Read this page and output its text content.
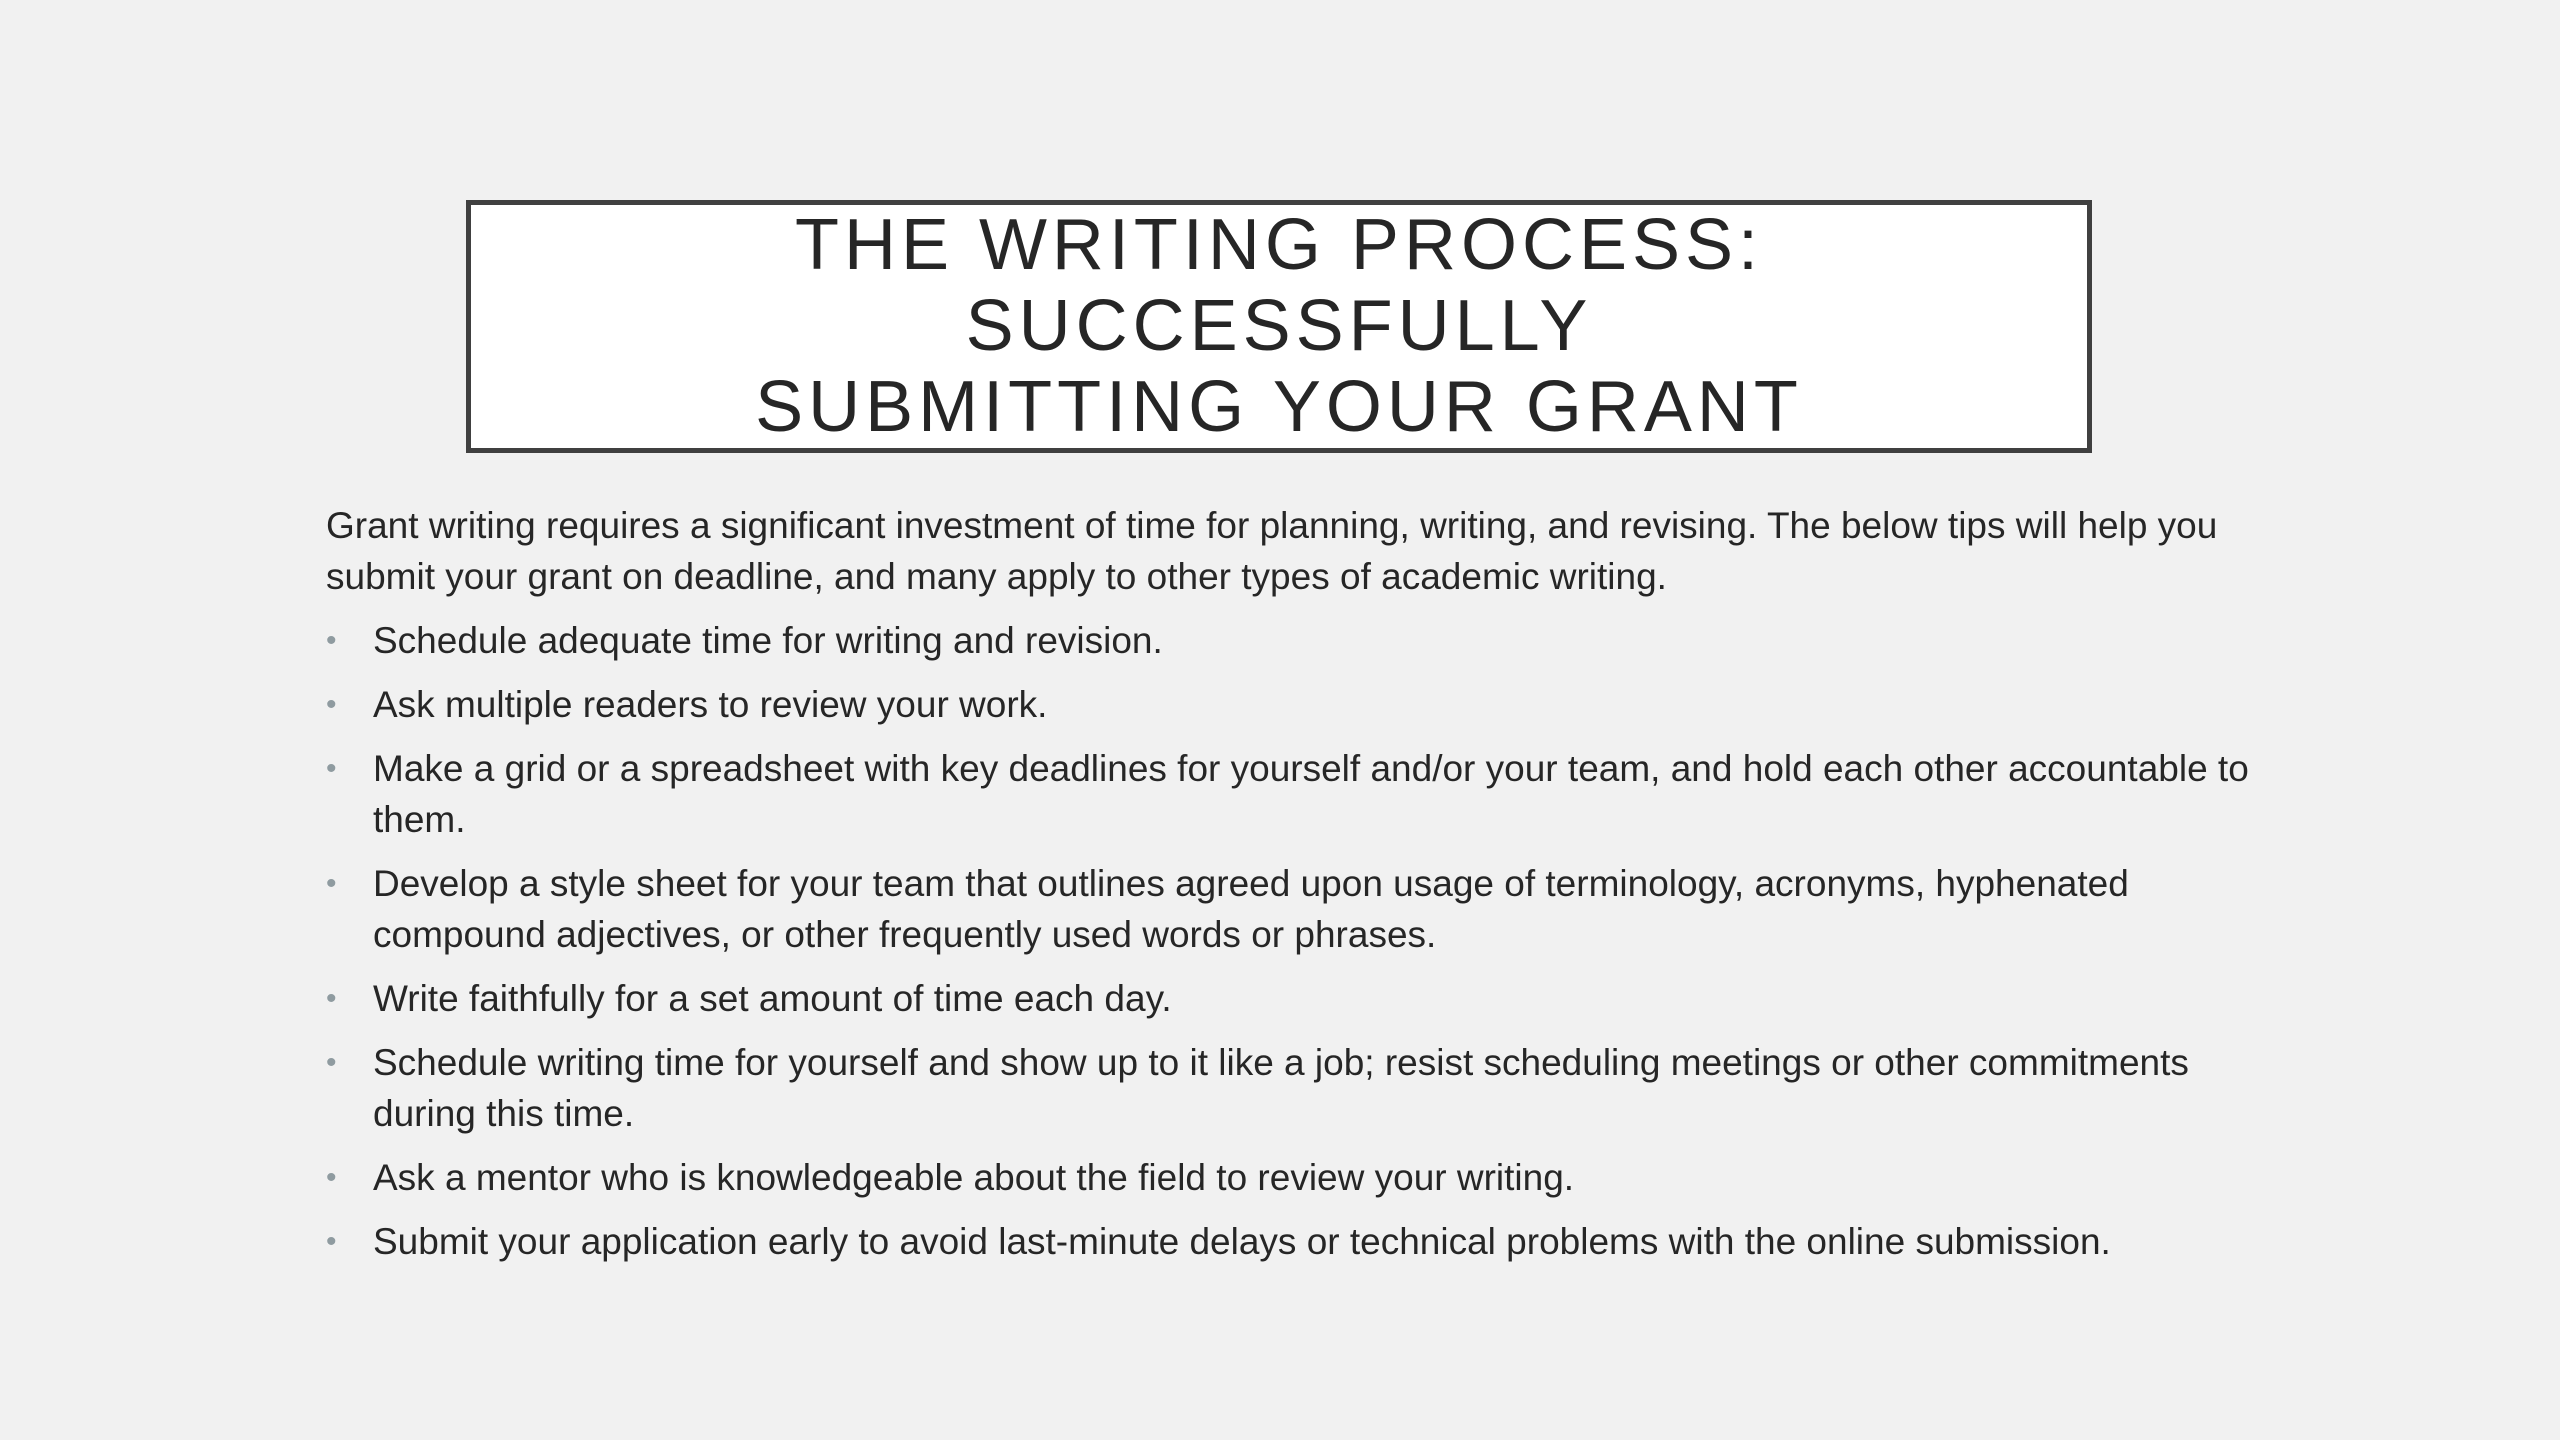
THE WRITING PROCESS: SUCCESSFULLY
SUBMITTING YOUR GRANT

Grant writing requires a significant investment of time for planning, writing, and revising. The below tips will help you submit your grant on deadline, and many apply to other types of academic writing.

• Schedule adequate time for writing and revision.
• Ask multiple readers to review your work.
• Make a grid or a spreadsheet with key deadlines for yourself and/or your team, and hold each other accountable to them.
• Develop a style sheet for your team that outlines agreed upon usage of terminology, acronyms, hyphenated compound adjectives, or other frequently used words or phrases.
• Write faithfully for a set amount of time each day.
• Schedule writing time for yourself and show up to it like a job; resist scheduling meetings or other commitments during this time.
• Ask a mentor who is knowledgeable about the field to review your writing.
• Submit your application early to avoid last-minute delays or technical problems with the online submission.
